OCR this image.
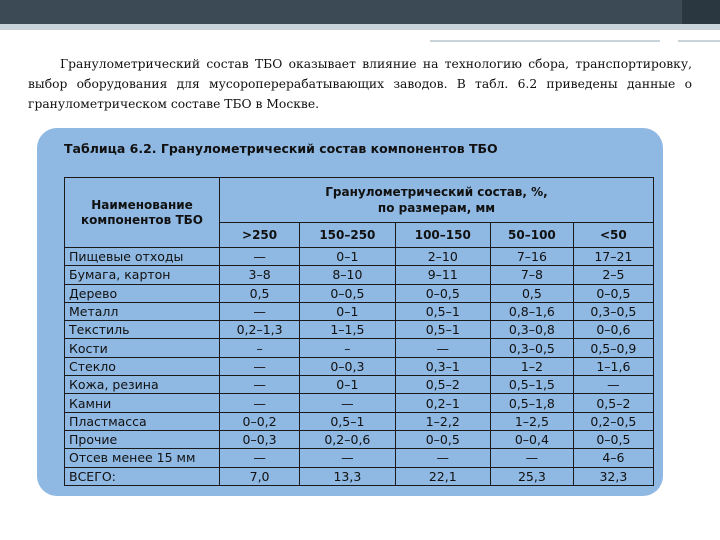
Гранулометрический состав ТБО оказывает влияние на технологию сбора, транспортировку, выбор оборудования для мусороперерабатывающих заводов. В табл. 6.2 приведены данные о гранулометрическом составе ТБО в Москве.
Таблица 6.2. Гранулометрический состав компонентов ТБО
Наименование компонентов ТБО	Гранулометрический состав, %,
по размерам, мм				

	>250	150–250	100–150	50–100	<50
Пищевые отходы	—	0–1	2–10	7–16	17–21
Бумага, картон	3–8	8–10	9–11	7–8	2–5
Дерево	0,5	0–0,5	0–0,5	0,5	0–0,5
Металл	—	0–1	0,5–1	0,8–1,6	0,3–0,5
Текстиль	0,2–1,3	1–1,5	0,5–1	0,3–0,8	0–0,6
Кости	–	–	—	0,3–0,5	0,5–0,9
Стекло	—	0–0,3	0,3–1	1–2	1–1,6
Кожа, резина	—	0–1	0,5–2	0,5–1,5	—
Камни	—	—	0,2–1	0,5–1,8	0,5–2
Пластмасса	0–0,2	0,5–1	1–2,2	1–2,5	0,2–0,5
Прочие	0–0,3	0,2–0,6	0–0,5	0–0,4	0–0,5
Отсев менее 15 мм	—	—	—	—	4–6
ВСЕГО:	7,0	13,3	22,1	25,3	32,3
